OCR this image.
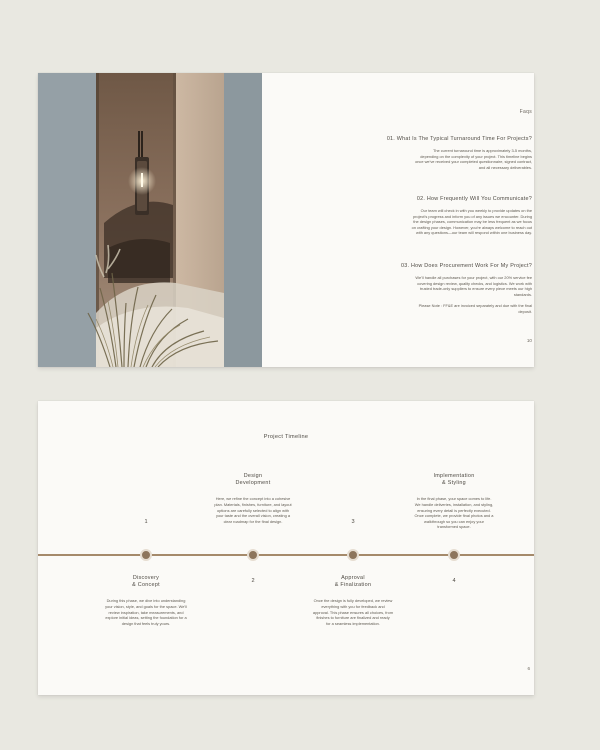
Faqs
01. What Is The Typical Turnaround Time For Projects?
The current turnaround time is approximately 3-5 months,
depending on the complexity of your project. This timeline begins
once we've received your completed questionnaire, signed contract,
and all necessary deliverables.
02. How Frequently Will You Communicate?
Our team will check in with you weekly to provide updates on the
project's progress and inform you of any issues we encounter. During
the design phases, communication may be less frequent as we focus
on crafting your design. However, you're always welcome to reach out
with any questions—our team will respond within one business day.
03. How Does Procurement Work For My Project?
We'll handle all purchases for your project, with our 20% service fee
covering design review, quality checks, and logistics. We work with
trusted trade-only suppliers to ensure every piece meets our high
standards.
Please Note : FF&E are invoiced separately and due with the final
deposit.
10
Project Timeline
1
2
3
4
Design
Development
Here, we refine the concept into a cohesive
plan. Materials, finishes, furniture, and layout
options are carefully selected to align with
your taste and the overall vision, creating a
clear roadmap for the final design.
Implementation
& Styling
In the final phase, your space comes to life.
We handle deliveries, installation, and styling,
ensuring every detail is perfectly executed.
Once complete, we provide final photos and a
walkthrough so you can enjoy your
transformed space.
Discovery
& Concept
During this phase, we dive into understanding
your vision, style, and goals for the space. We'll
review inspiration, take measurements, and
explore initial ideas, setting the foundation for a
design that feels truly yours.
Approval
& Finalization
Once the design is fully developed, we review
everything with you for feedback and
approval. This phase ensures all choices, from
finishes to furniture are finalized and ready
for a seamless implementation.
6
